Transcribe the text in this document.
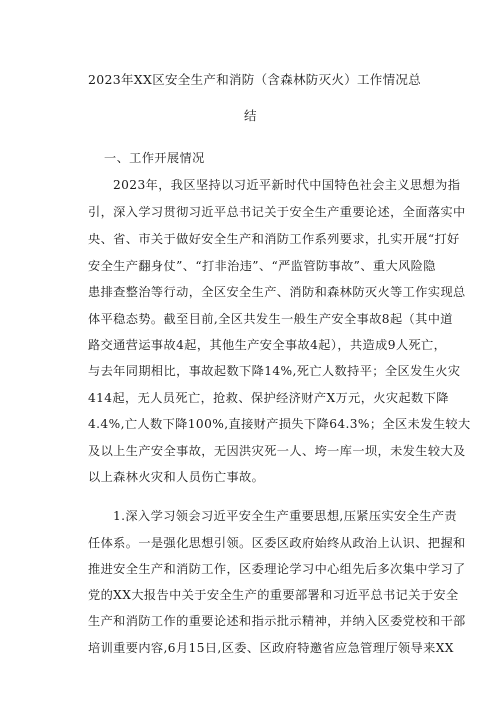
2023年XX区安全生产和消防（含森林防灭火）工作情况总
结
一、工作开展情况
2023年，我区坚持以习近平新时代中国特色社会主义思想为指
引，深入学习贯彻习近平总书记关于安全生产重要论述，全面落实中
央、省、市关于做好安全生产和消防工作系列要求，扎实开展“打好
安全生产翻身仗”、“打非治违”、“严监管防事故”、重大风险隐
患排查整治等行动，全区安全生产、消防和森林防灭火等工作实现总
体平稳态势。截至目前,全区共发生一般生产安全事故8起（其中道
路交通营运事故4起，其他生产安全事故4起），共造成9人死亡，
与去年同期相比，事故起数下降14%,死亡人数持平；全区发生火灾
414起，无人员死亡，抢救、保护经济财产X万元，火灾起数下降
4.4%,亡人数下降100%,直接财产损失下降64.3%；全区未发生较大
及以上生产安全事故，无因洪灾死一人、垮一库一坝，未发生较大及
以上森林火灾和人员伤亡事故。
1.深入学习领会习近平安全生产重要思想,压紧压实安全生产责
任体系。一是强化思想引领。区委区政府始终从政治上认识、把握和
推进安全生产和消防工作，区委理论学习中心组先后多次集中学习了
党的XX大报告中关于安全生产的重要部署和习近平总书记关于安全
生产和消防工作的重要论述和指示批示精神，并纳入区委党校和干部
培训重要内容,6月15日,区委、区政府特邀省应急管理厅领导来XX
